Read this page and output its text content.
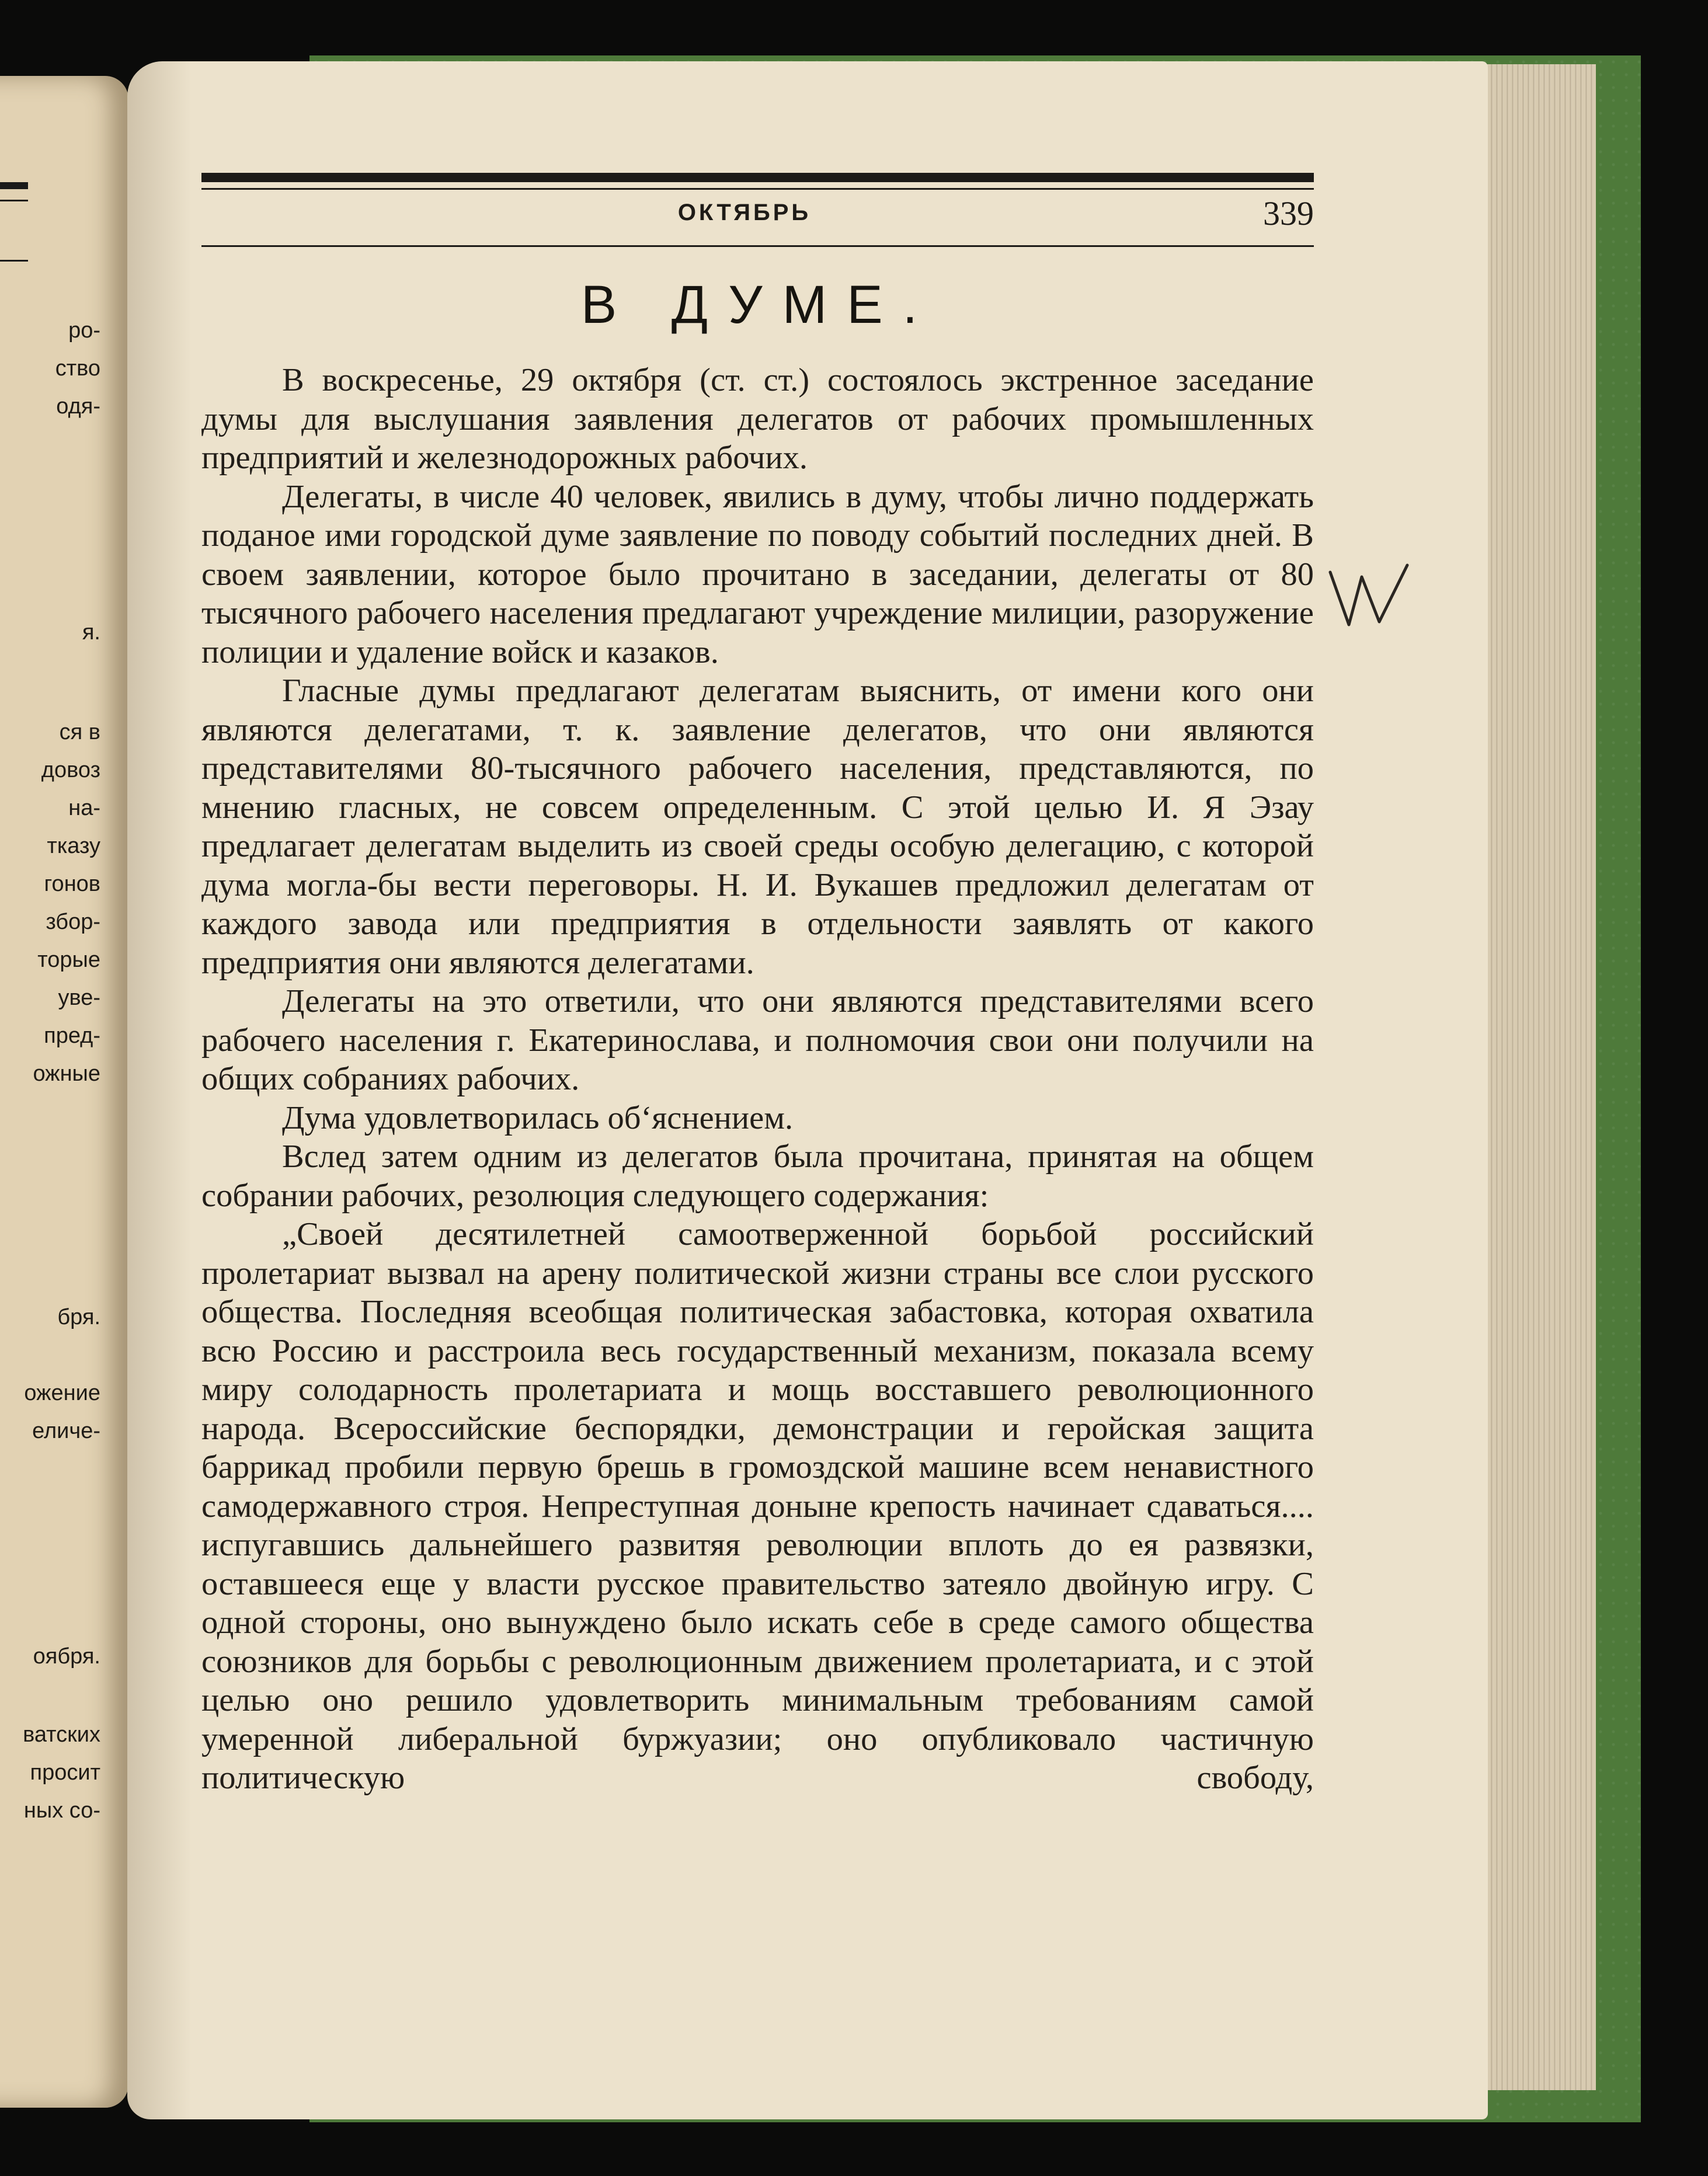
ро-
ство
одя-
я.
ся в
довоз
на-
тказу
гонов
збор-
торые
уве-
пред-
ожные
бря.
ожение
еличе-
оября.
ватских
просит
ных со-
ОКТЯБРЬ	339
В ДУМЕ.

В воскресенье, 29 октября (ст. ст.) состоялось экстренное заседание думы для выслушания заявления делегатов от рабочих промышленных предприятий и железнодорожных рабочих.

Делегаты, в числе 40 человек, явились в думу, чтобы лично поддержать поданое ими городской думе заявление по поводу событий последних дней. В своем заявлении, которое было прочитано в заседании, делегаты от 80 тысячного рабочего населения предлагают учреждение милиции, разоружение полиции и удаление войск и казаков.

Гласные думы предлагают делегатам выяснить, от имени кого они являются делегатами, т. к. заявление делегатов, что они являются представителями 80-тысячного рабочего населения, представляются, по мнению гласных, не совсем определенным. С этой целью И. Я Эзау предлагает делегатам выделить из своей среды особую делегацию, с которой дума могла-бы вести переговоры. Н. И. Вукашев предложил делегатам от каждого завода или предприятия в отдельности заявлять от какого предприятия они являются делегатами.

Делегаты на это ответили, что они являются представителями всего рабочего населения г. Екатеринослава, и полномочия свои они получили на общих собраниях рабочих.

Дума удовлетворилась об‘яснением.

Вслед затем одним из делегатов была прочитана, принятая на общем собрании рабочих, резолюция следующего содержания:

„Своей десятилетней самоотверженной борьбой российский пролетариат вызвал на арену политической жизни страны все слои русского общества. Последняя всеобщая политическая забастовка, которая охватила всю Россию и расстроила весь государственный механизм, показала всему миру солодарность пролетариата и мощь восставшего революционного народа. Всероссийские беспорядки, демонстрации и геройская защита баррикад пробили первую брешь в громоздской машине всем ненавистного самодержавного строя. Непреступная доныне крепость начинает сдаваться.... испугавшись дальнейшего развитяя революции вплоть до ея развязки, оставшееся еще у власти русское правительство затеяло двойную игру. С одной стороны, оно вынуждено было искать себе в среде самого общества союзников для борьбы с революционным движением пролетариата, и с этой целью оно решило удовлетворить минимальным требованиям самой умеренной либеральной буржуазии; оно опубликовало частичную политическую свободу,
